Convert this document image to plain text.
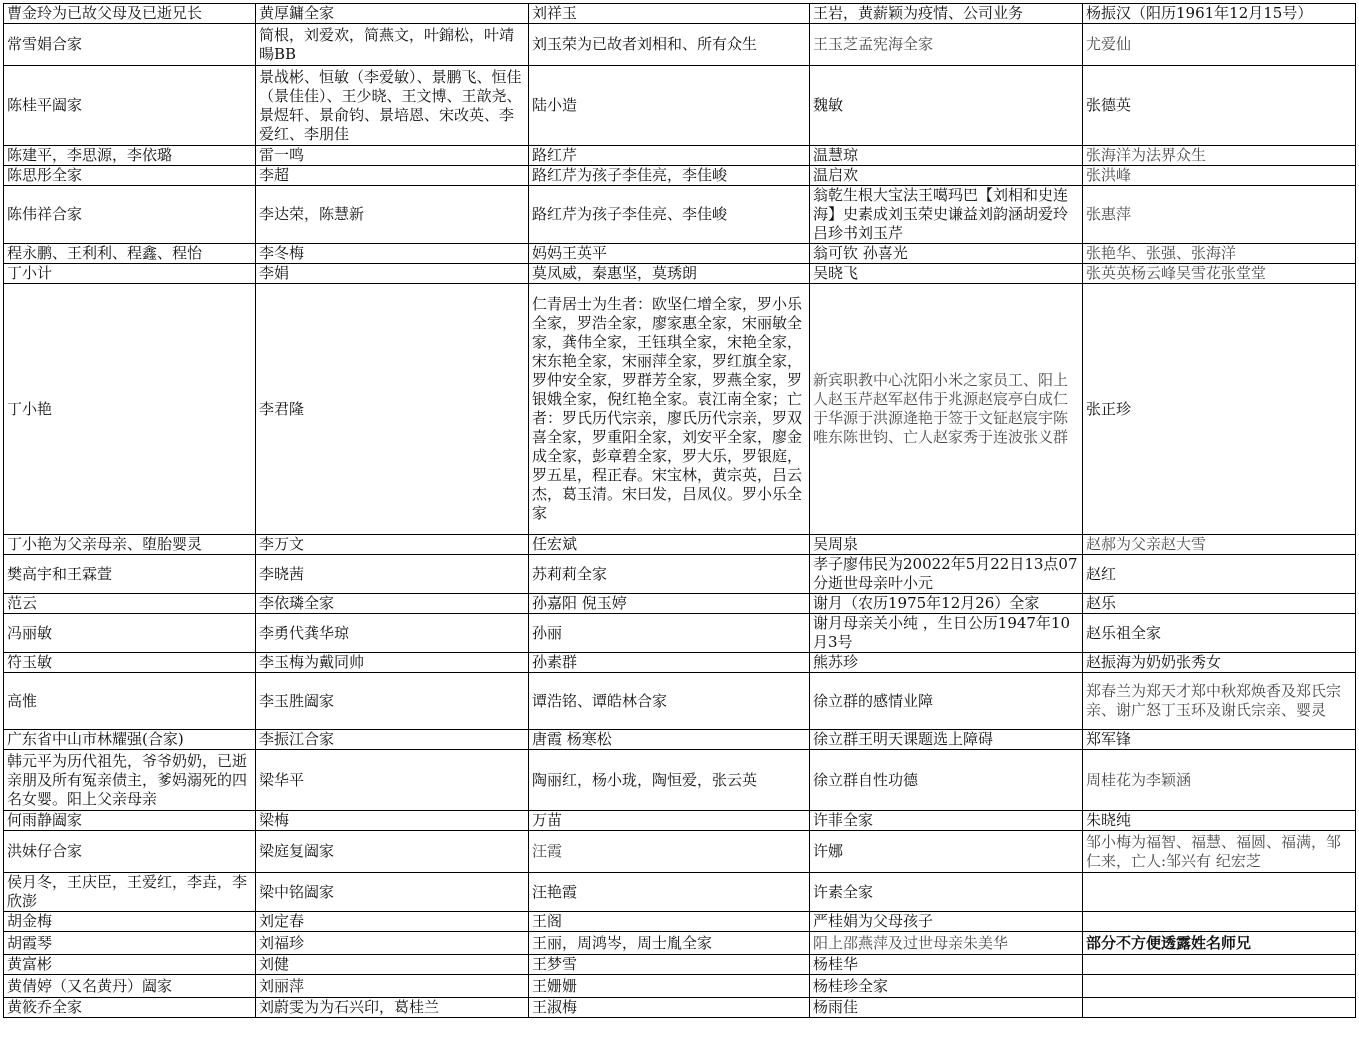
曹金玲为已故父母及已逝兄长	黄厚鏞全家	刘祥玉	王岩，黄薪颖为疫情、公司业务	杨振汉（阳历1961年12月15号）
常雪娟合家	简根，刘爱欢，简燕文，叶錦松，叶靖暘BB	刘玉荣为已故者刘相和、所有众生	王玉芝孟宪海全家	尤爱仙
陈桂平阖家	景战彬、恒敏（李爱敏）、景鹏飞、恒佳（景佳佳）、王少晓、王文博、王歆尧、景煜轩、景俞钧、景培恩、宋改英、李爱红、李朋佳	陆小造	魏敏	张德英
陈建平，李思源，李依璐	雷一鸣	路红芹	温慧琼	张海洋为法界众生
陈思彤全家	李超	路红芹为孩子李佳亮，李佳峻	温启欢	张洪峰
陈伟祥合家	李达荣，陈慧新	路红芹为孩子李佳亮、李佳峻	翁乾生根大宝法王噶玛巴【刘相和史连海】史素成刘玉荣史谦益刘韵涵胡爱玲吕珍书刘玉芹	张惠萍
程永鹏、王利利、程鑫、程怡	李冬梅	妈妈王英平	翁可钦 孙喜光	张艳华、张强、张海洋
丁小计	李娟	莫凤威，秦惠坚，莫琇朗	吴晓飞	张英英杨云峰吴雪花张堂堂
丁小艳	李君隆	仁青居士为生者：欧坚仁增全家，罗小乐全家，罗浩全家，廖家惠全家，宋丽敏全家，龚伟全家，王钰琪全家，宋艳全家，宋东艳全家，宋丽萍全家，罗红旗全家，罗仲安全家，罗群芳全家，罗燕全家，罗银娥全家，倪红艳全家。袁江南全家；亡者：罗氏历代宗亲，廖氏历代宗亲，罗双喜全家，罗重阳全家，刘安平全家，廖金成全家，彭章碧全家，罗大乐，罗银庭，罗五星，程正春。宋宝林，黄宗英，吕云杰，葛玉清。宋曰发，吕凤仪。罗小乐全家	新宾职教中心沈阳小米之家员工、阳上人赵玉芹赵军赵伟于兆源赵宸亭白成仁于华源于洪源逄艳于签于文钲赵宸宇陈唯东陈世钧、亡人赵家秀于连波张义群	张正珍
丁小艳为父亲母亲、堕胎婴灵	李万文	任宏斌	吴周泉	赵郝为父亲赵大雪
樊高宇和王霖萱	李晓茜	苏莉莉全家	孝子廖伟民为20022年5月22日13点07分逝世母亲叶小元	赵红
范云	李依璘全家	孙嘉阳 倪玉婷	谢月（农历1975年12月26）全家	赵乐
冯丽敏	李勇代龚华琼	孙丽	谢月母亲关小纯 ，生日公历1947年10月3号	赵乐祖全家
符玉敏	李玉梅为戴同帅	孙素群	熊苏珍	赵振海为奶奶张秀女
高惟	李玉胜阖家	谭浩铭、谭皓林合家	徐立群的感情业障	郑春兰为郑天才郑中秋郑焕香及郑氏宗亲、谢广怒丁玉环及谢氏宗亲、婴灵
广东省中山市林耀强(合家)	李振江合家	唐霞 杨寒松	徐立群王明天课题选上障碍	郑军锋
韩元平为历代祖先，爷爷奶奶，已逝亲朋及所有冤亲债主，爹妈溺死的四名女婴。阳上父亲母亲	梁华平	陶丽红，杨小珑，陶恒爱，张云英	徐立群自性功德	周桂花为李颖涵
何雨静阖家	梁梅	万苗	许菲全家	朱晓纯
洪妹仔合家	梁庭复阖家	汪霞	许娜	邹小梅为福智、福慧、福圆、福满，邹仁来，亡人:邹兴有 纪宏芝
侯月冬，王庆臣，王爱红，李垚，李欣澎	梁中铭阖家	汪艳霞	许素全家	
胡金梅	刘定春	王阁	严桂娟为父母孩子	
胡霞琴	刘福珍	王丽，周鸿岑，周士胤全家	阳上邵燕萍及过世母亲朱美华	部分不方便透露姓名师兄
黄富彬	刘健	王梦雪	杨桂华	
黄倩婷（又名黄丹）阖家	刘丽萍	王姗姗	杨桂珍全家	
黄筱乔全家	刘蔚雯为为石兴印，葛桂兰	王淑梅	杨雨佳	
